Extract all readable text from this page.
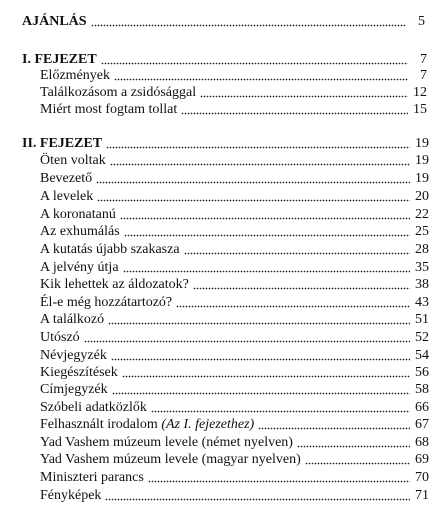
AJÁNLÁS	5
I. FEJEZET	7
Előzmények	7
Találkozásom a zsidósággal	12
Miért most fogtam tollat	15
II. FEJEZET	19
Öten voltak	19
Bevezető	19
A levelek	20
A koronatanú	22
Az exhumálás	25
A kutatás újabb szakasza	28
A jelvény útja	35
Kik lehettek az áldozatok?	38
Él-e még hozzátartozó?	43
A találkozó	51
Utószó	52
Névjegyzék	54
Kiegészítések	56
Címjegyzék	58
Szóbeli adatközlők	66
Felhasznált irodalom (Az I. fejezethez)	67
Yad Vashem múzeum levele (német nyelven)	68
Yad Vashem múzeum levele (magyar nyelven)	69
Miniszteri parancs	70
Fényképek	71
